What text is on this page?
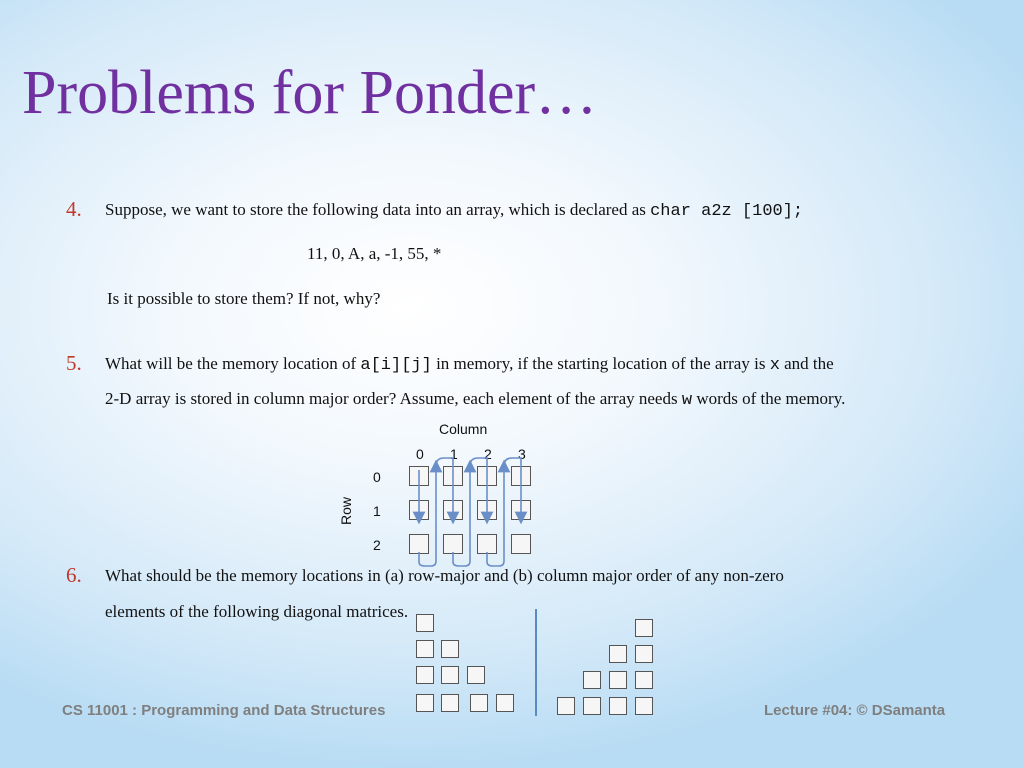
Problems for Ponder…
4. Suppose, we want to store the following data into an array, which is declared as char a2z [100];
11, 0, A, a, -1, 55, *
Is it possible to store them? If not, why?
5. What will be the memory location of a[i][j] in memory, if the starting location of the array is x and the
2-D array is stored in column major order? Assume, each element of the array needs w words of the memory.
Column
0 1 2 3
0
1
2
Row
6. What should be the memory locations in (a) row-major and (b) column major order of any non-zero
elements of the following diagonal matrices.
CS 11001 : Programming and Data Structures	Lecture #04: © DSamanta
